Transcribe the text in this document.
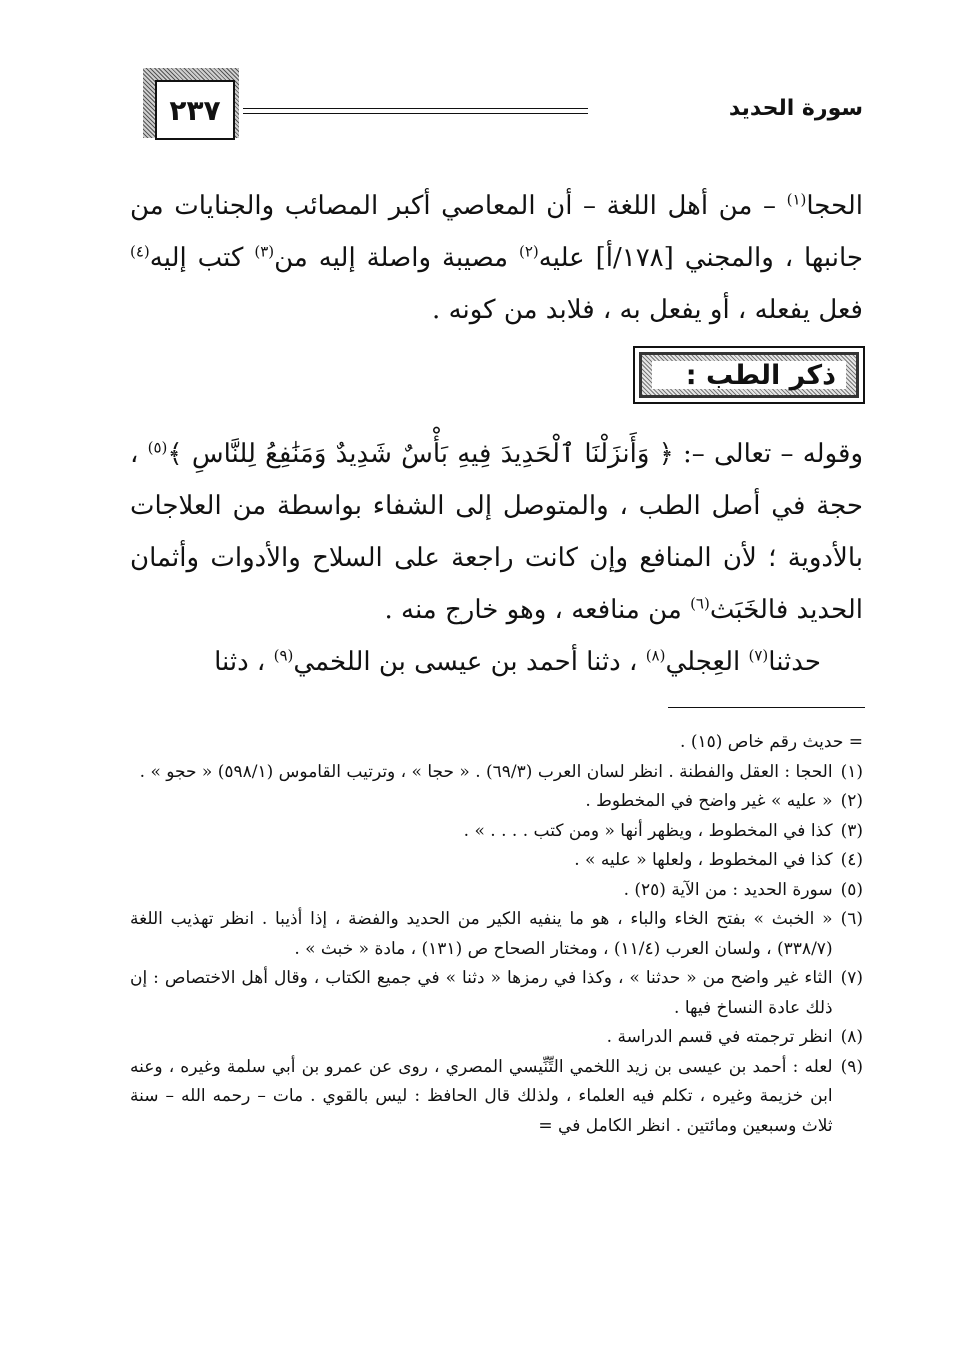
٢٣٧	سورة الحديد

الحجا$^{(١)}$ – من أهل اللغة – أن المعاصي أكبر المصائب والجنايات من جانبها ، والمجني [١٧٨/أ] عليه$^{(٢)}$ مصيبة واصلة إليه من$^{(٣)}$ كتب إليه$^{(٤)}$ فعل يفعله ، أو يفعل به ، فلابد من كونه .

ذكر الطب :

وقوله – تعالى –: ﴿ وَأَنزَلْنَا ٱلْحَدِيدَ فِيهِ بَأْسٌ شَدِيدٌ وَمَنَٰفِعُ لِلنَّاسِ ﴾$^{(٥)}$ ، حجة في أصل الطب ، والمتوصل إلى الشفاء بواسطة من العلاجات بالأدوية ؛ لأن المنافع وإن كانت راجعة على السلاح والأدوات وأثمان الحديد فالخَبَث$^{(٦)}$ من منافعه ، وهو خارج منه .

حدثنا$^{(٧)}$ العِجلي$^{(٨)}$ ، دثنا أحمد بن عيسى بن اللخمي$^{(٩)}$ ، دثنا

= حديث رقم خاص (١٥) .
(١)
الحجا : العقل والفطنة . انظر لسان العرب (٦٩/٣) . « حجا » ، وترتيب القاموس (٥٩٨/١) « حجو » .
(٢)
« عليه » غير واضح في المخطوط .
(٣)
كذا في المخطوط ، ويظهر أنها « ومن كتب . . . . » .
(٤)
كذا في المخطوط ، ولعلها « عليه » .
(٥)
سورة الحديد : من الآية (٢٥) .
(٦)
« الخبث » بفتح الخاء والباء ، هو ما ينفيه الكير من الحديد والفضة ، إذا أذيبا . انظر تهذيب اللغة (٣٣٨/٧) ، ولسان العرب (١١/٤) ، ومختار الصحاح ص (١٣١) ، مادة « خبث » .
(٧)
الثاء غير واضح من « حدثنا » ، وكذا في رمزها « دثنا » في جميع الكتاب ، وقال أهل الاختصاص : إن ذلك عادة النساخ فيها .
(٨)
انظر ترجمته في قسم الدراسة .
(٩)
لعله : أحمد بن عيسى بن زيد اللخمي التِّنِّيسي المصري ، روى عن عمرو بن أبي سلمة وغيره ، وعنه ابن خزيمة وغيره ، تكلم فيه العلماء ، ولذلك قال الحافظ : ليس بالقوي . مات – رحمه الله – سنة ثلاث وسبعين ومائتين . انظر الكامل في =
